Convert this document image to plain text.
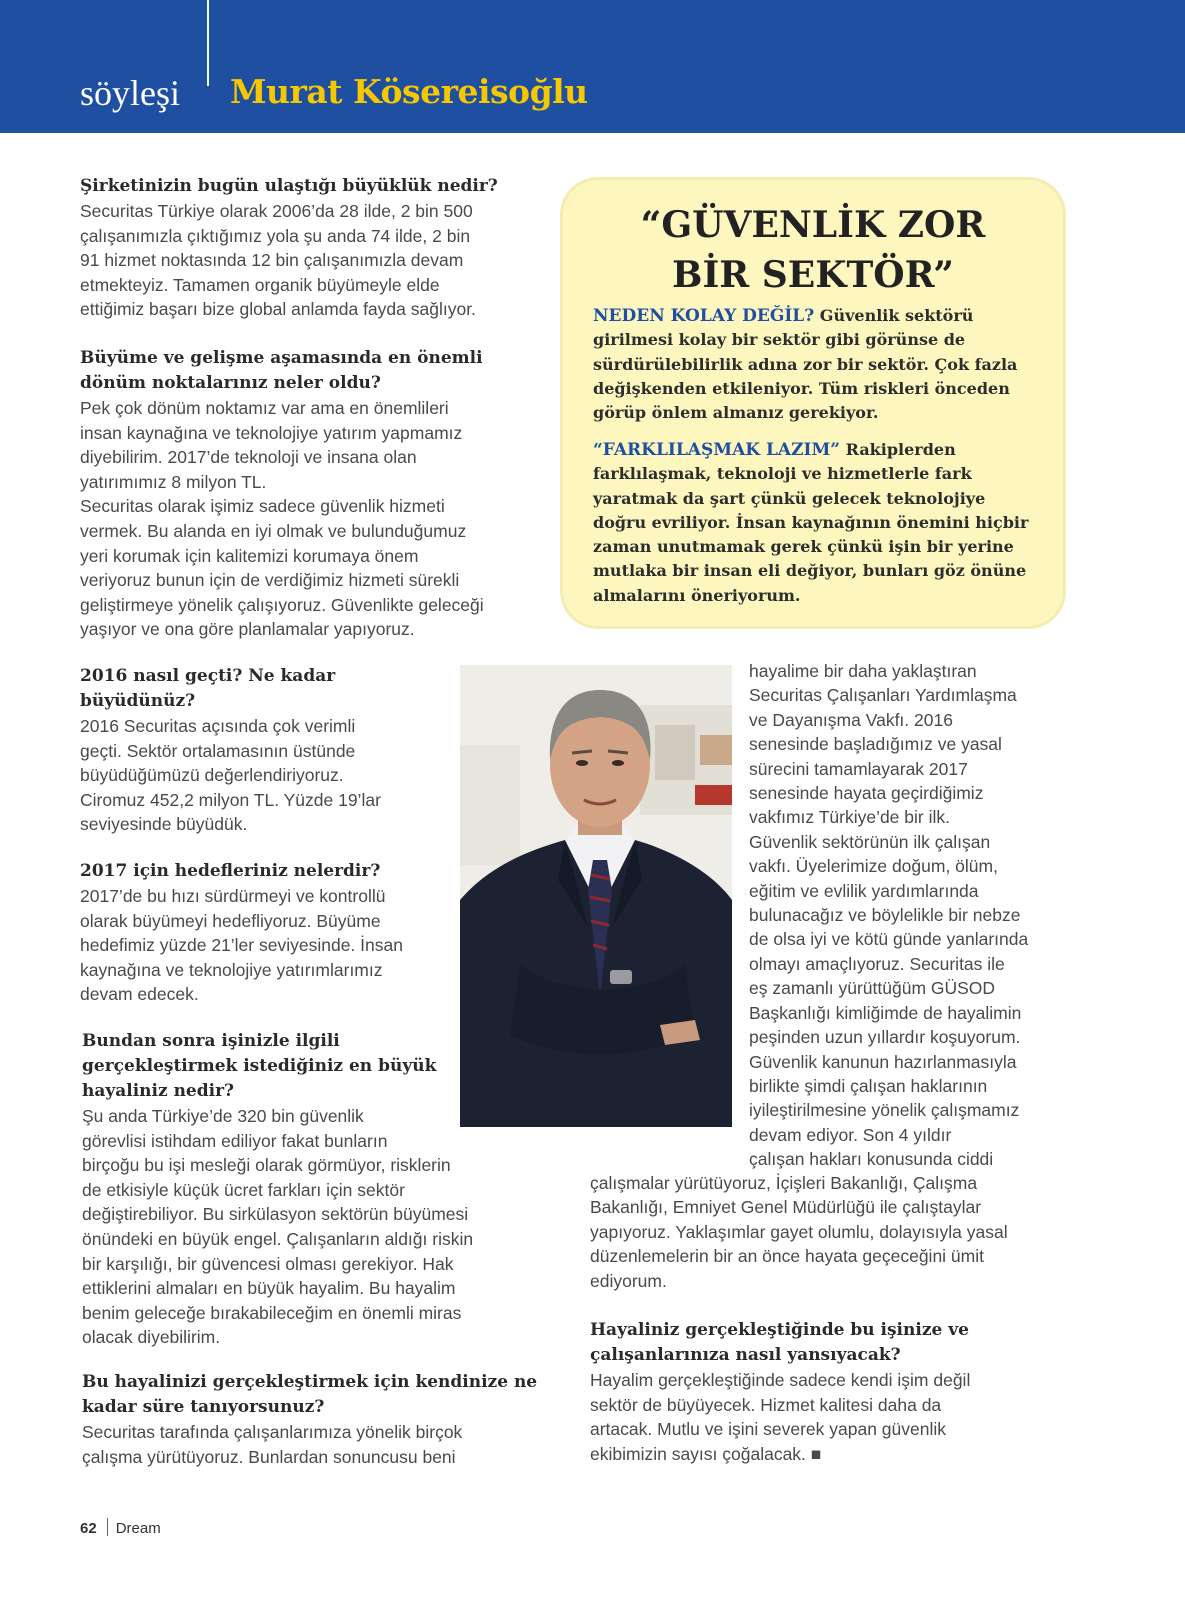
söyleşi Murat Kösereisoğlu
Şirketinizin bugün ulaştığı büyüklük nedir?
Securitas Türkiye olarak 2006’da 28 ilde, 2 bin 500
çalışanımızla çıktığımız yola şu anda 74 ilde, 2 bin
91 hizmet noktasında 12 bin çalışanımızla devam
etmekteyiz. Tamamen organik büyümeyle elde
ettiğimiz başarı bize global anlamda fayda sağlıyor.
Büyüme ve gelişme aşamasında en önemli
dönüm noktalarınız neler oldu?
Pek çok dönüm noktamız var ama en önemlileri
insan kaynağına ve teknolojiye yatırım yapmamız
diyebilirim. 2017’de teknoloji ve insana olan
yatırımımız 8 milyon TL.
Securitas olarak işimiz sadece güvenlik hizmeti
vermek. Bu alanda en iyi olmak ve bulunduğumuz
yeri korumak için kalitemizi korumaya önem
veriyoruz bunun için de verdiğimiz hizmeti sürekli
geliştirmeye yönelik çalışıyoruz. Güvenlikte geleceği
yaşıyor ve ona göre planlamalar yapıyoruz.
2016 nasıl geçti? Ne kadar
büyüdünüz?
2016 Securitas açısında çok verimli
geçti. Sektör ortalamasının üstünde
büyüdüğümüzü değerlendiriyoruz.
Ciromuz 452,2 milyon TL. Yüzde 19’lar
seviyesinde büyüdük.
2017 için hedefleriniz nelerdir?
2017’de bu hızı sürdürmeyi ve kontrollü
olarak büyümeyi hedefliyoruz. Büyüme
hedefimiz yüzde 21’ler seviyesinde. İnsan
kaynağına ve teknolojiye yatırımlarımız
devam edecek.
Bundan sonra işinizle ilgili
gerçekleştirmek istediğiniz en büyük
hayaliniz nedir?
Şu anda Türkiye’de 320 bin güvenlik
görevlisi istihdam ediliyor fakat bunların
birçoğu bu işi mesleği olarak görmüyor, risklerin
de etkisiyle küçük ücret farkları için sektör
değiştirebiliyor. Bu sirkülasyon sektörün büyümesi
önündeki en büyük engel. Çalışanların aldığı riskin
bir karşılığı, bir güvencesi olması gerekiyor. Hak
ettiklerini almaları en büyük hayalim. Bu hayalim
benim geleceğe bırakabileceğim en önemli miras
olacak diyebilirim.
Bu hayalinizi gerçekleştirmek için kendinize ne
kadar süre tanıyorsunuz?
Securitas tarafında çalışanlarımıza yönelik birçok
çalışma yürütüyoruz. Bunlardan sonuncusu beni
“GÜVENLİK ZOR
BİR SEKTÖR”
NEDEN KOLAY DEĞİL? Güvenlik sektörü
girilmesi kolay bir sektör gibi görünse de
sürdürülebilirlik adına zor bir sektör. Çok fazla
değişkenden etkileniyor. Tüm riskleri önceden
görüp önlem almanız gerekiyor.
“FARKLILAŞMAK LAZIM” Rakiplerden
farklılaşmak, teknoloji ve hizmetlerle fark
yaratmak da şart çünkü gelecek teknolojiye
doğru evriliyor. İnsan kaynağının önemini hiçbir
zaman unutmamak gerek çünkü işin bir yerine
mutlaka bir insan eli değiyor, bunları göz önüne
almalarını öneriyorum.
hayalime bir daha yaklaştıran
Securitas Çalışanları Yardımlaşma
ve Dayanışma Vakfı. 2016
senesinde başladığımız ve yasal
sürecini tamamlayarak 2017
senesinde hayata geçirdiğimiz
vakfımız Türkiye’de bir ilk.
Güvenlik sektörünün ilk çalışan
vakfı. Üyelerimize doğum, ölüm,
eğitim ve evlilik yardımlarında
bulunacağız ve böylelikle bir nebze
de olsa iyi ve kötü günde yanlarında
olmayı amaçlıyoruz. Securitas ile
eş zamanlı yürüttüğüm GÜSOD
Başkanlığı kimliğimde de hayalimin
peşinden uzun yıllardır koşuyorum.
Güvenlik kanunun hazırlanmasıyla
birlikte şimdi çalışan haklarının
iyileştirilmesine yönelik çalışmamız
devam ediyor. Son 4 yıldır
çalışan hakları konusunda ciddi
çalışmalar yürütüyoruz, İçişleri Bakanlığı, Çalışma
Bakanlığı, Emniyet Genel Müdürlüğü ile çalıştaylar
yapıyoruz. Yaklaşımlar gayet olumlu, dolayısıyla yasal
düzenlemelerin bir an önce hayata geçeceğini ümit
ediyorum.
Hayaliniz gerçekleştiğinde bu işinize ve
çalışanlarınıza nasıl yansıyacak?
Hayalim gerçekleştiğinde sadece kendi işim değil
sektör de büyüyecek. Hizmet kalitesi daha da
artacak. Mutlu ve işini severek yapan güvenlik
ekibimizin sayısı çoğalacak. ■
62 Dream
